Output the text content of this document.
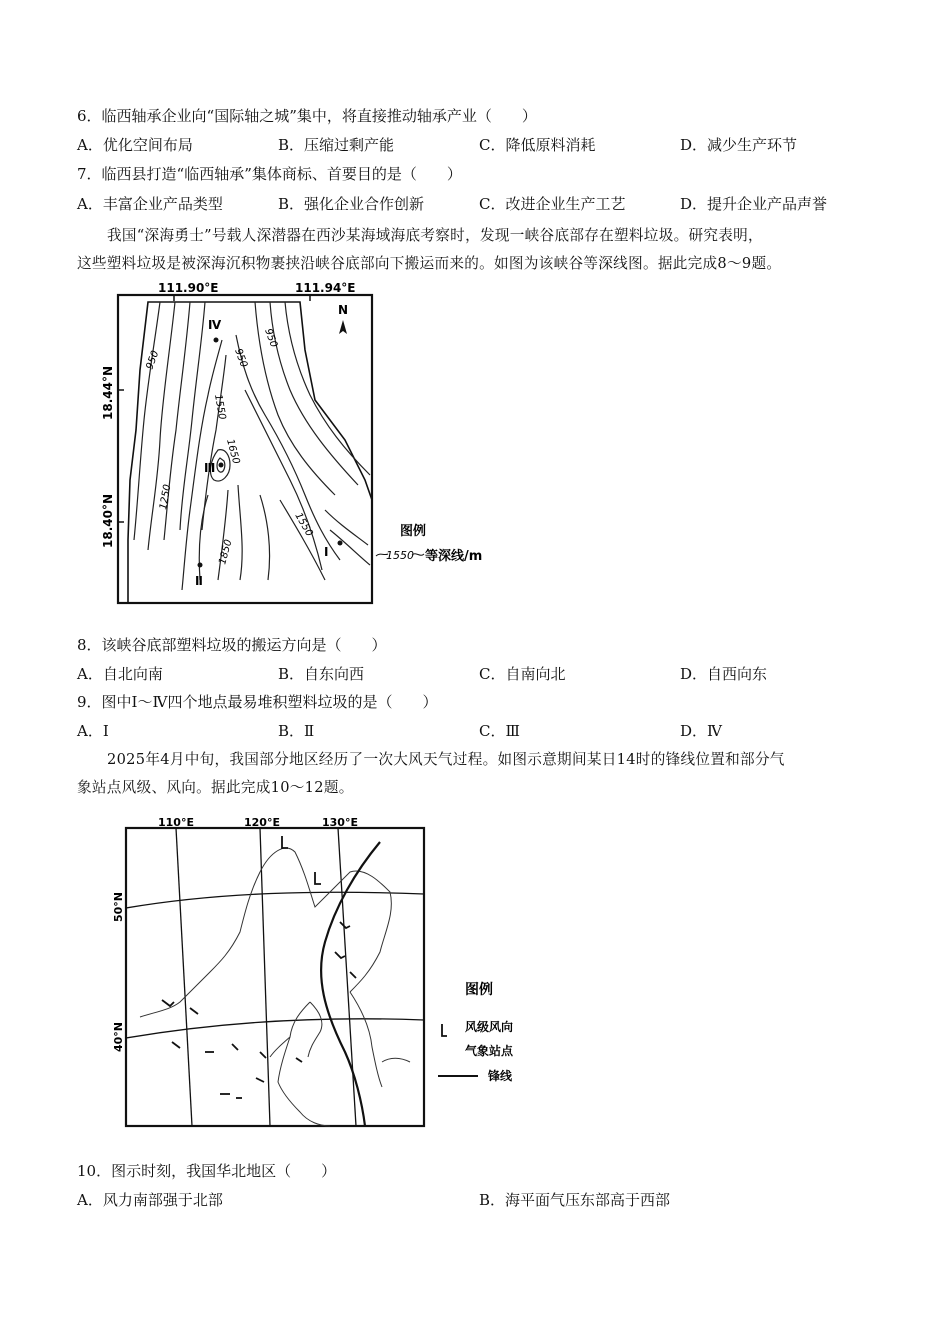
6．临西轴承企业向“国际轴之城”集中，将直接推动轴承产业（　　）
A．优化空间布局	B．压缩过剩产能	C．降低原料消耗	D．减少生产环节
7．临西县打造“临西轴承”集体商标、首要目的是（　　）
A．丰富企业产品类型	B．强化企业合作创新	C．改进企业生产工艺	D．提升企业产品声誉
我国“深海勇士”号载人深潜器在西沙某海域海底考察时，发现一峡谷底部存在塑料垃圾。研究表明，
这些塑料垃圾是被深海沉积物裹挟沿峡谷底部向下搬运而来的。如图为该峡谷等深线图。据此完成8～9题。
111.90°E	111.94°E
18.44°N
18.40°N
N
950	950
950
1550
1650
1250
1550
1850
Ⅳ
Ⅲ
Ⅱ
Ⅰ
图例
1550 等深线/m
8．该峡谷底部塑料垃圾的搬运方向是（　　）
A．自北向南	B．自东向西	C．自南向北	D．自西向东
9．图中Ⅰ～Ⅳ四个地点最易堆积塑料垃圾的是（　　）
A．Ⅰ	B．Ⅱ	C．Ⅲ	D．Ⅳ
2025年4月中旬，我国部分地区经历了一次大风天气过程。如图示意期间某日14时的锋线位置和部分气
象站点风级、风向。据此完成10～12题。
110°E	120°E	130°E
50°N
40°N
图例
风级风向
气象站点
锋线
10．图示时刻，我国华北地区（　　）
A．风力南部强于北部	B．海平面气压东部高于西部
